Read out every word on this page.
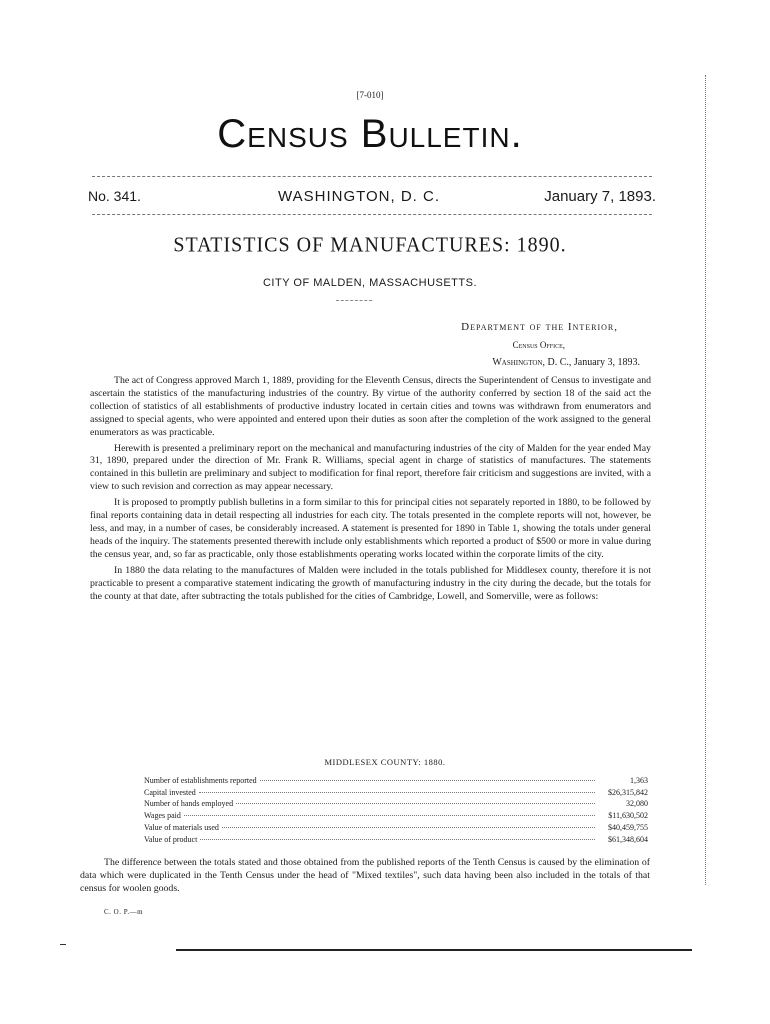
[7-010]
Census Bulletin.
No. 341.	WASHINGTON, D. C.	January 7, 1893.
STATISTICS OF MANUFACTURES: 1890.
CITY OF MALDEN, MASSACHUSETTS.
Department of the Interior,
Census Office,
Washington, D. C., January 3, 1893.

The act of Congress approved March 1, 1889, providing for the Eleventh Census, directs the Superintendent of Census to investigate and ascertain the statistics of the manufacturing industries of the country. By virtue of the authority conferred by section 18 of the said act the collection of statistics of all establishments of productive industry located in certain cities and towns was withdrawn from enumerators and assigned to special agents, who were appointed and entered upon their duties as soon after the completion of the work assigned to the general enumerators as was practicable.

Herewith is presented a preliminary report on the mechanical and manufacturing industries of the city of Malden for the year ended May 31, 1890, prepared under the direction of Mr. Frank R. Williams, special agent in charge of statistics of manufactures. The statements contained in this bulletin are preliminary and subject to modification for final report, therefore fair criticism and suggestions are invited, with a view to such revision and correction as may appear necessary.

It is proposed to promptly publish bulletins in a form similar to this for principal cities not separately reported in 1880, to be followed by final reports containing data in detail respecting all industries for each city. The totals presented in the complete reports will not, however, be less, and may, in a number of cases, be considerably increased. A statement is presented for 1890 in Table 1, showing the totals under general heads of the inquiry. The statements presented therewith include only establishments which reported a product of $500 or more in value during the census year, and, so far as practicable, only those establishments operating works located within the corporate limits of the city.

In 1880 the data relating to the manufactures of Malden were included in the totals published for Middlesex county, therefore it is not practicable to present a comparative statement indicating the growth of manufacturing industry in the city during the decade, but the totals for the county at that date, after subtracting the totals published for the cities of Cambridge, Lowell, and Somerville, were as follows:

MIDDLESEX COUNTY: 1880.
Number of establishments reported	1,363
Capital invested	$26,315,842
Number of hands employed	32,080
Wages paid	$11,630,502
Value of materials used	$40,459,755
Value of product	$61,348,604

The difference between the totals stated and those obtained from the published reports of the Tenth Census is caused by the elimination of data which were duplicated in the Tenth Census under the head of "Mixed textiles", such data having been also included in the totals of that census for woolen goods.

C. O. P.—m
